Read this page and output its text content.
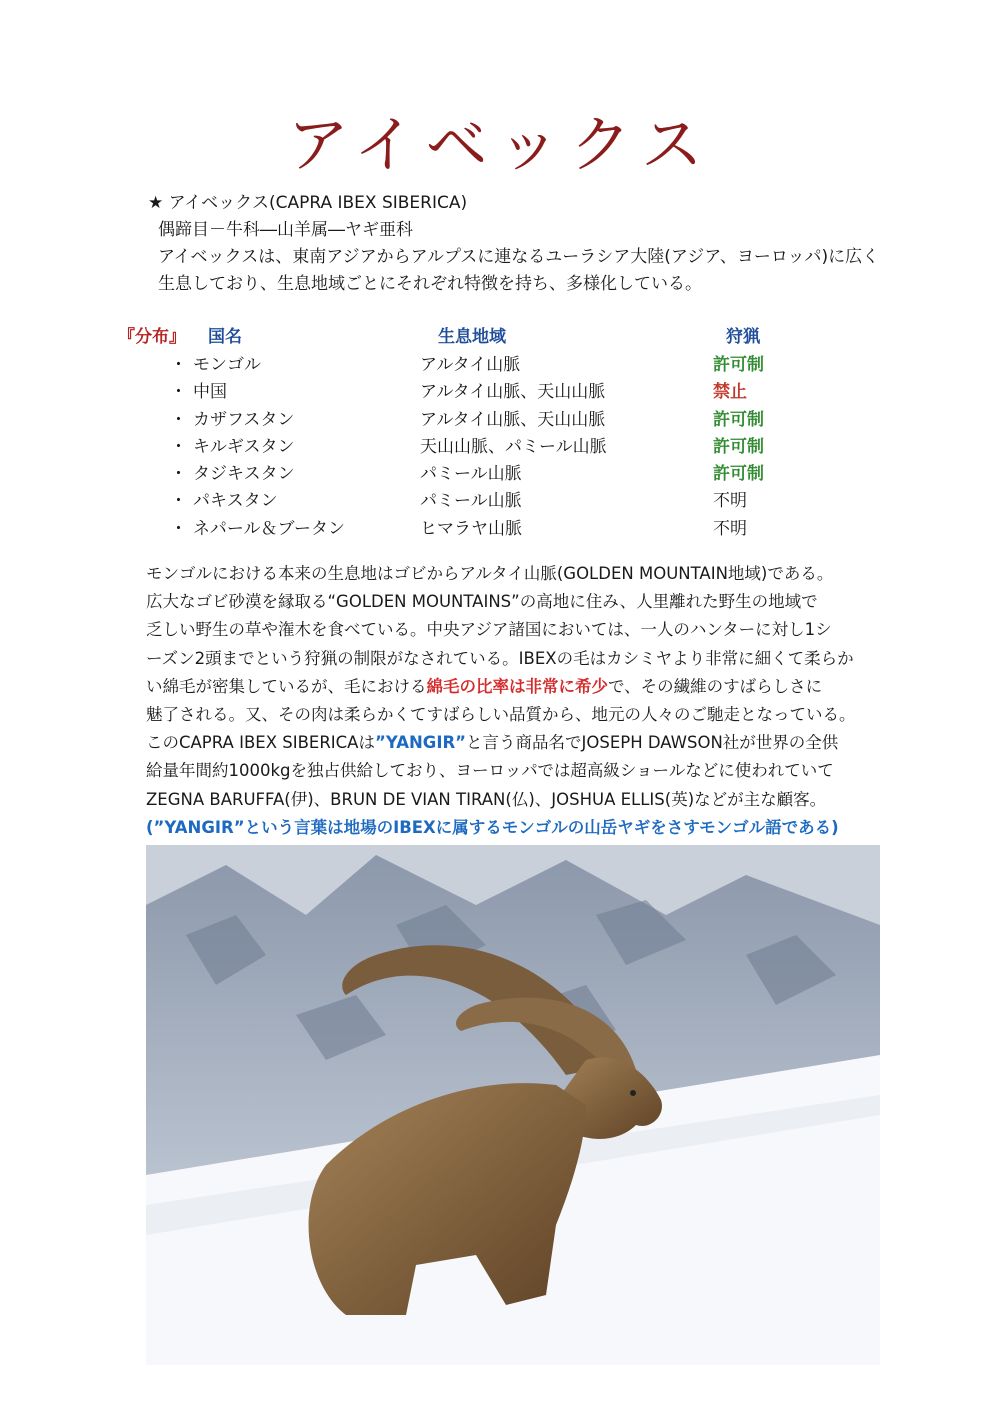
アイベックス
★ アイベックス(CAPRA IBEX SIBERICA)
偶蹄目－牛科―山羊属―ヤギ亜科
アイベックスは、東南アジアからアルプスに連なるユーラシア大陸(アジア、ヨーロッパ)に広く
生息しており、生息地域ごとにそれぞれ特徴を持ち、多様化している。
『分布』 国名	生息地域	狩猟
・ モンゴル	アルタイ山脈	許可制
・ 中国	アルタイ山脈、天山山脈	禁止
・ カザフスタン	アルタイ山脈、天山山脈	許可制
・ キルギスタン	天山山脈、パミール山脈	許可制
・ タジキスタン	パミール山脈	許可制
・ パキスタン	パミール山脈	不明
・ ネパール＆ブータン	ヒマラヤ山脈	不明
モンゴルにおける本来の生息地はゴビからアルタイ山脈(GOLDEN MOUNTAIN地域)である。
広大なゴビ砂漠を縁取る“GOLDEN MOUNTAINS”の高地に住み、人里離れた野生の地域で
乏しい野生の草や潅木を食べている。中央アジア諸国においては、一人のハンターに対し1シ
ーズン2頭までという狩猟の制限がなされている。IBEXの毛はカシミヤより非常に細くて柔らか
い綿毛が密集しているが、毛における綿毛の比率は非常に希少で、その繊維のすばらしさに
魅了される。又、その肉は柔らかくてすばらしい品質から、地元の人々のご馳走となっている。
このCAPRA IBEX SIBERICAは”YANGIR”と言う商品名でJOSEPH DAWSON社が世界の全供
給量年間約1000kgを独占供給しており、ヨーロッパでは超高級ショールなどに使われていて
ZEGNA BARUFFA(伊)、BRUN DE VIAN TIRAN(仏)、JOSHUA ELLIS(英)などが主な顧客。
(”YANGIR”という言葉は地場のIBEXに属するモンゴルの山岳ヤギをさすモンゴル語である)
